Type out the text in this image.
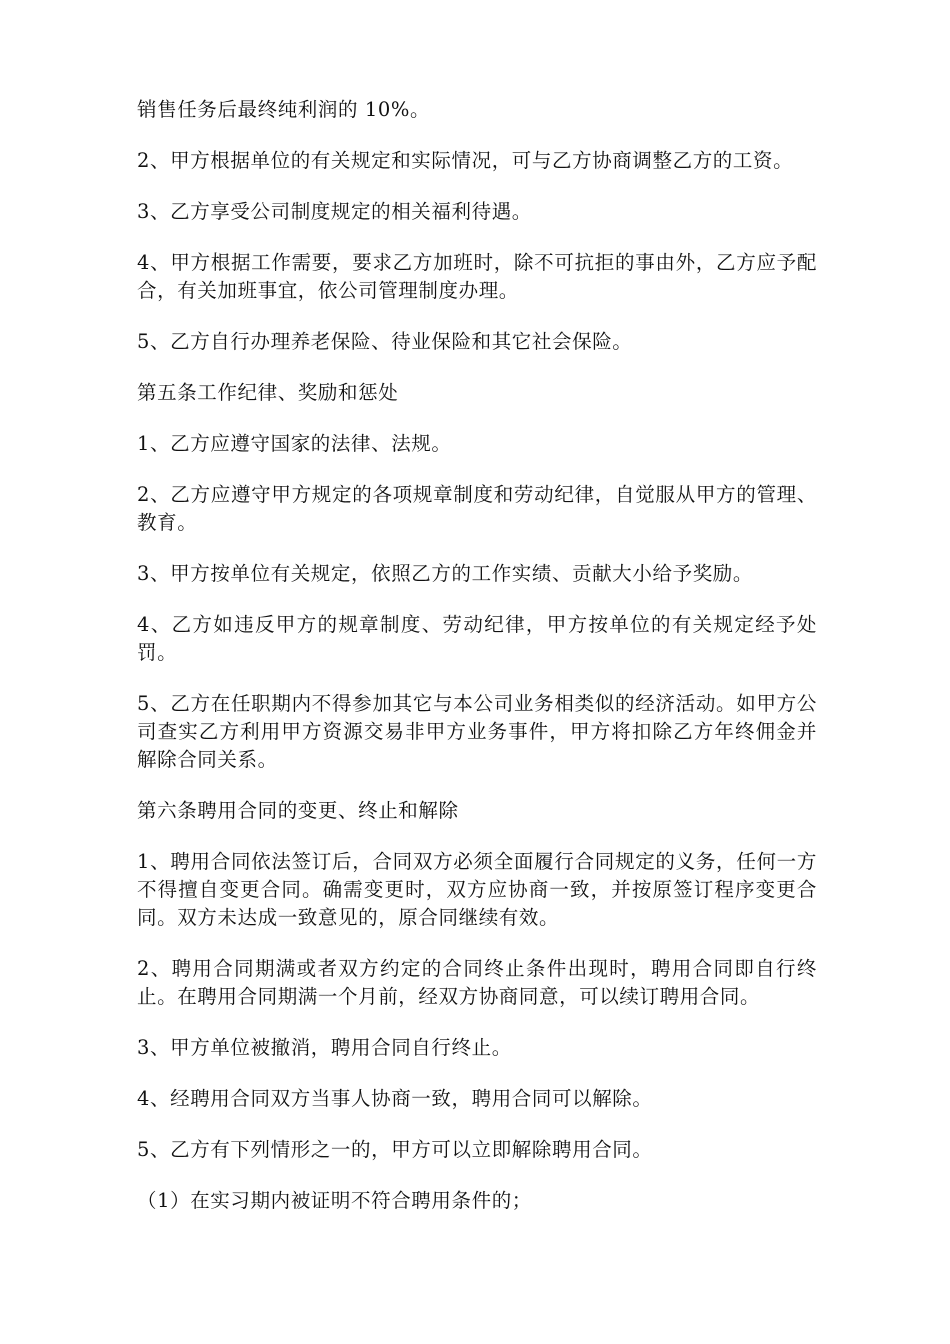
销售任务后最终纯利润的 10%。

2、甲方根据单位的有关规定和实际情况，可与乙方协商调整乙方的工资。

3、乙方享受公司制度规定的相关福利待遇。

4、甲方根据工作需要，要求乙方加班时，除不可抗拒的事由外，乙方应予配合，有关加班事宜，依公司管理制度办理。

5、乙方自行办理养老保险、待业保险和其它社会保险。

第五条工作纪律、奖励和惩处

1、乙方应遵守国家的法律、法规。

2、乙方应遵守甲方规定的各项规章制度和劳动纪律，自觉服从甲方的管理、教育。

3、甲方按单位有关规定，依照乙方的工作实绩、贡献大小给予奖励。

4、乙方如违反甲方的规章制度、劳动纪律，甲方按单位的有关规定经予处罚。

5、乙方在任职期内不得参加其它与本公司业务相类似的经济活动。如甲方公司查实乙方利用甲方资源交易非甲方业务事件，甲方将扣除乙方年终佣金并解除合同关系。

第六条聘用合同的变更、终止和解除

1、聘用合同依法签订后，合同双方必须全面履行合同规定的义务，任何一方不得擅自变更合同。确需变更时，双方应协商一致，并按原签订程序变更合同。双方未达成一致意见的，原合同继续有效。

2、聘用合同期满或者双方约定的合同终止条件出现时，聘用合同即自行终止。在聘用合同期满一个月前，经双方协商同意，可以续订聘用合同。

3、甲方单位被撤消，聘用合同自行终止。

4、经聘用合同双方当事人协商一致，聘用合同可以解除。

5、乙方有下列情形之一的，甲方可以立即解除聘用合同。

（1）在实习期内被证明不符合聘用条件的；
